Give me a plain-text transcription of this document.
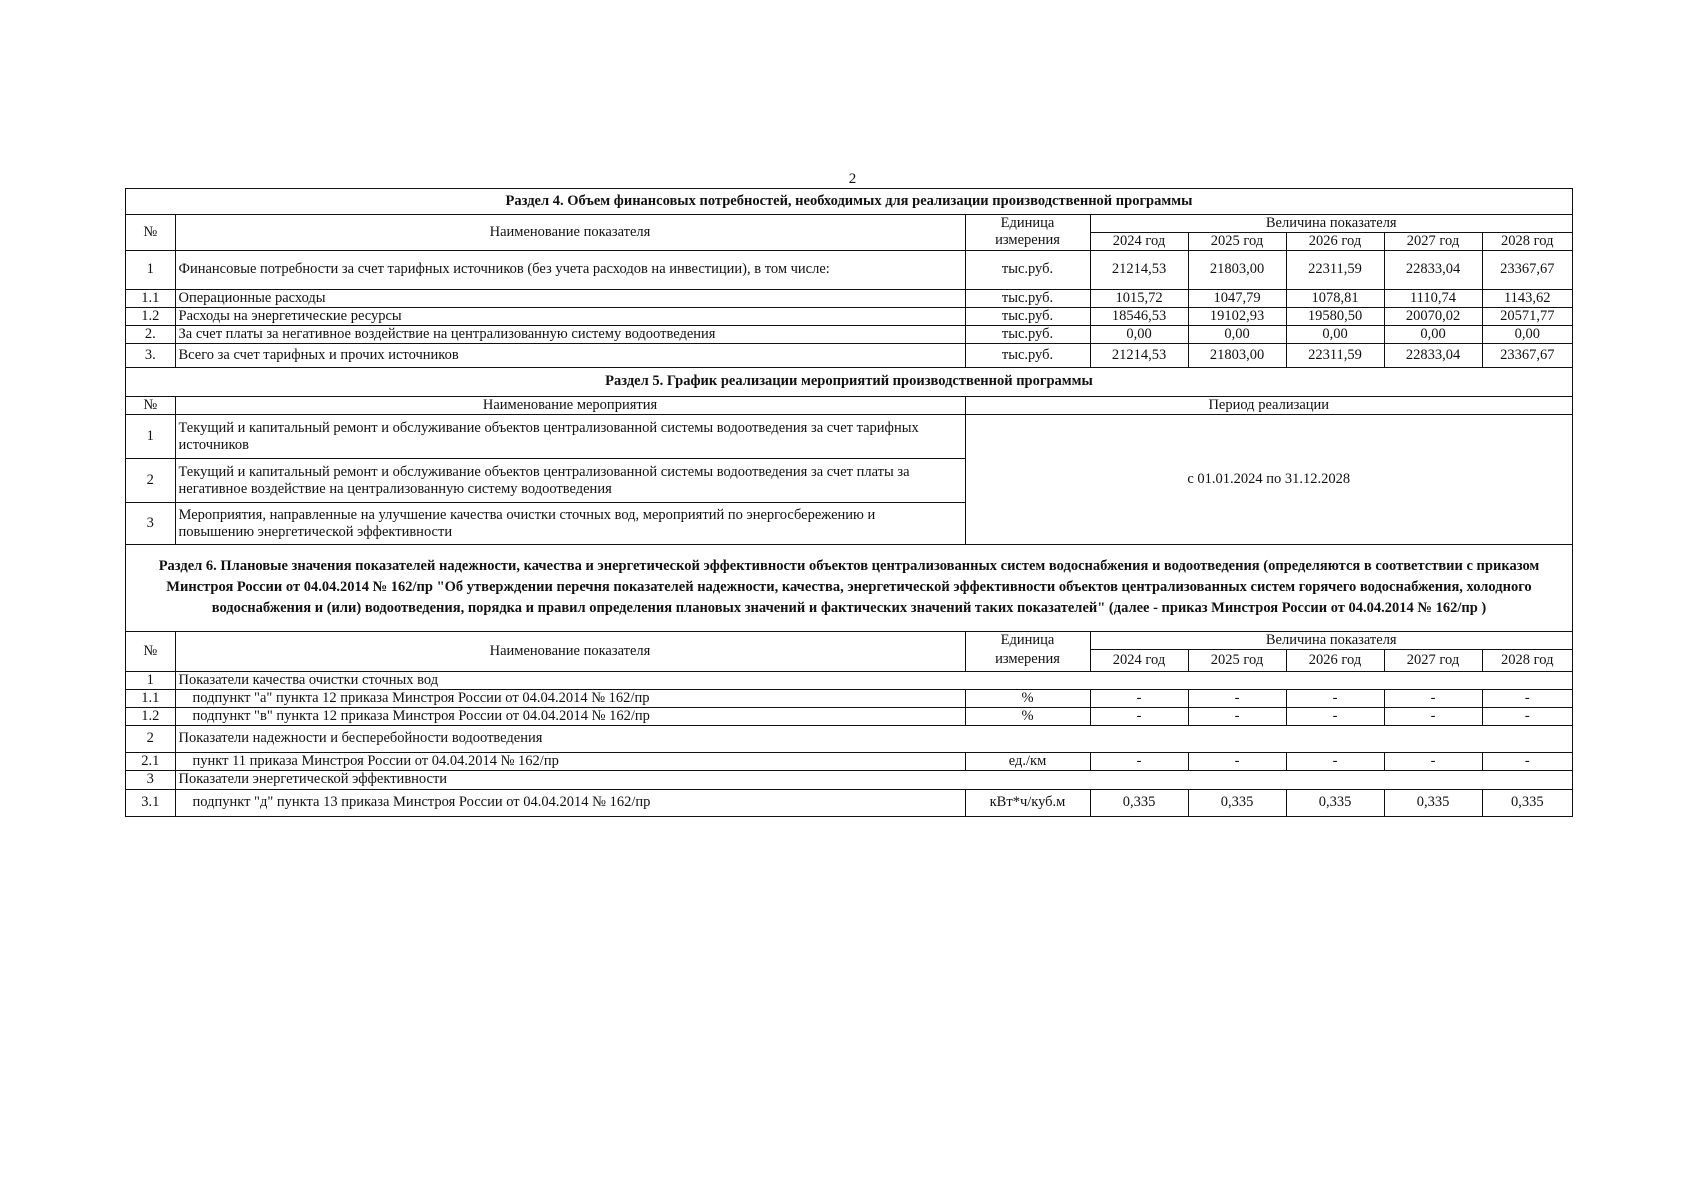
2
Раздел 4. Объем финансовых потребностей, необходимых для реализации производственной программы							
№	Наименование показателя	Единица	Величина показателя				
		измерения	2024 год	2025 год	2026 год	2027 год	2028 год
1	Финансовые потребности за счет тарифных источников (без учета расходов на инвестиции), в том числе:	тыс.руб.	21214,53	21803,00	22311,59	22833,04	23367,67
1.1	Операционные расходы	тыс.руб.	1015,72	1047,79	1078,81	1110,74	1143,62
1.2	Расходы на энергетические ресурсы	тыс.руб.	18546,53	19102,93	19580,50	20070,02	20571,77
2.	За счет платы за негативное воздействие на централизованную систему водоотведения	тыс.руб.	0,00	0,00	0,00	0,00	0,00
3.	Всего за счет тарифных и прочих источников	тыс.руб.	21214,53	21803,00	22311,59	22833,04	23367,67
Раздел 5. График реализации мероприятий производственной программы		
№	Наименование мероприятия	Период реализации
1	Текущий и капитальный ремонт и обслуживание объектов централизованной системы водоотведения за счет тарифных источников	с 01.01.2024 по 31.12.2028
2	Текущий и капитальный ремонт и обслуживание объектов централизованной системы водоотведения за счет платы за негативное воздействие на централизованную систему водоотведения	
3	Мероприятия, направленные на улучшение качества очистки сточных вод, мероприятий по энергосбережению и повышению энергетической эффективности	
Раздел 6. Плановые значения показателей надежности, качества и энергетической эффективности объектов централизованных систем водоснабжения и водоотведения (определяются в соответствии с приказом Минстроя России от 04.04.2014 № 162/пр "Об утверждении перечня показателей надежности, качества, энергетической эффективности объектов централизованных систем горячего водоснабжения, холодного водоснабжения и (или) водоотведения, порядка и правил определения плановых значений и фактических значений таких показателей" (далее - приказ Минстроя России от 04.04.2014 № 162/пр )							
№	Наименование показателя	Единица	Величина показателя				
		измерения	2024 год	2025 год	2026 год	2027 год	2028 год
1	Показатели качества очистки сточных вод						
1.1	подпункт "а" пункта 12 приказа Минстроя России от 04.04.2014 № 162/пр	%	-	-	-	-	-
1.2	подпункт "в" пункта 12 приказа Минстроя России от 04.04.2014 № 162/пр	%	-	-	-	-	-
2	Показатели надежности и бесперебойности водоотведения						
2.1	пункт 11 приказа Минстроя России от 04.04.2014 № 162/пр	ед./км	-	-	-	-	-
3	Показатели энергетической эффективности						
3.1	подпункт "д" пункта 13 приказа Минстроя России от 04.04.2014 № 162/пр	кВт*ч/куб.м	0,335	0,335	0,335	0,335	0,335
